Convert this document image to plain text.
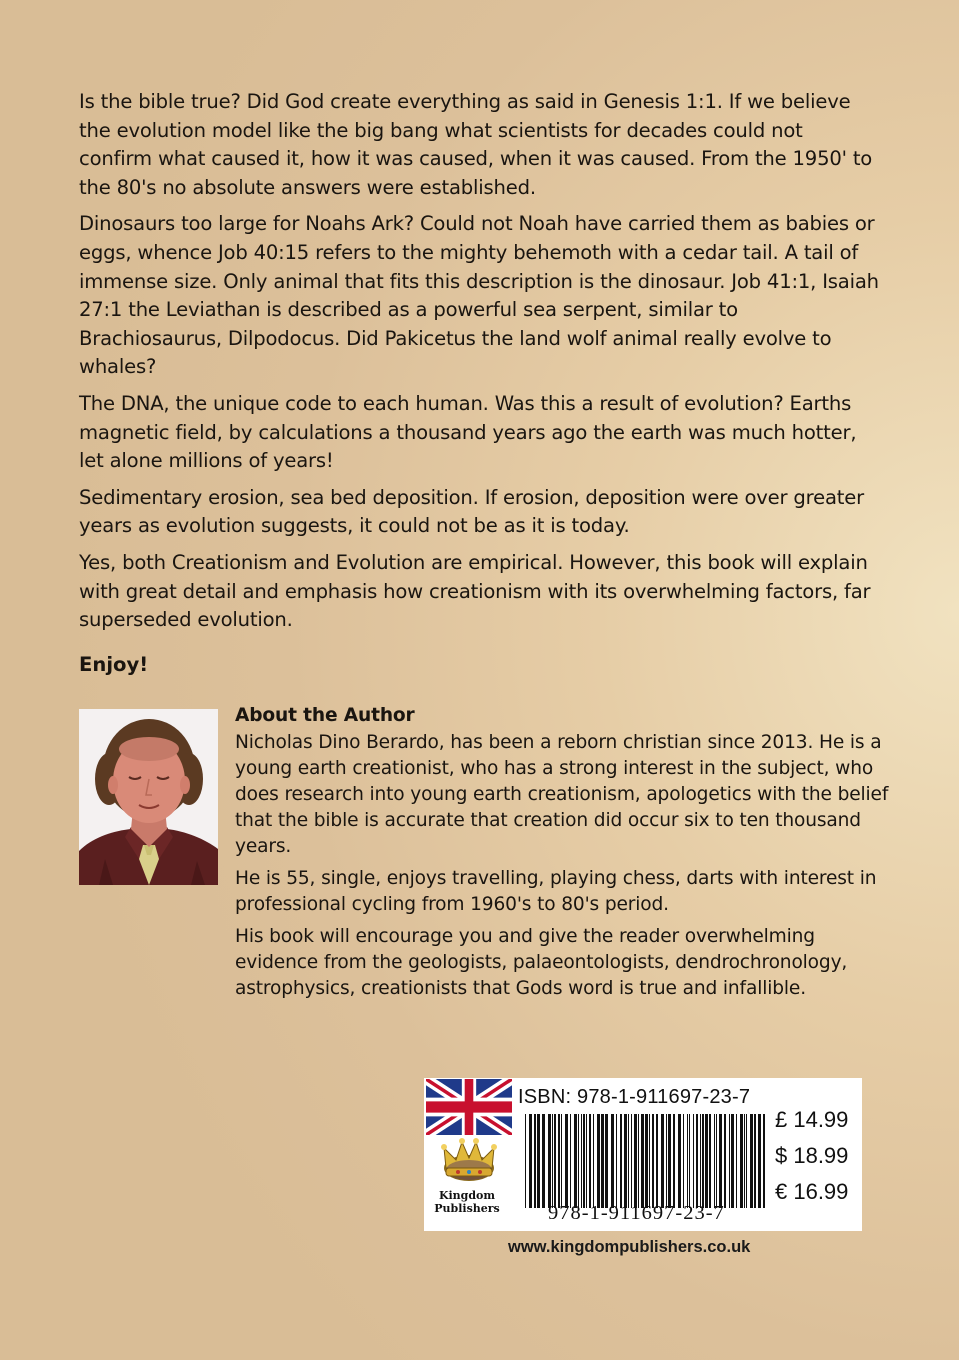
Is the bible true? Did God create everything as said in Genesis 1:1. If we believe the evolution model like the big bang what scientists for decades could not confirm what caused it, how it was caused, when it was caused. From the 1950' to the 80's no absolute answers were established.

Dinosaurs too large for Noahs Ark? Could not Noah have carried them as babies or eggs, whence Job 40:15 refers to the mighty behemoth with a cedar tail. A tail of immense size. Only animal that fits this description is the dinosaur. Job 41:1, Isaiah 27:1 the Leviathan is described as a powerful sea serpent, similar to Brachiosaurus, Dilpodocus. Did Pakicetus the land wolf animal really evolve to whales?

The DNA, the unique code to each human. Was this a result of evolution? Earths magnetic field, by calculations a thousand years ago the earth was much hotter, let alone millions of years!

Sedimentary erosion, sea bed deposition. If erosion, deposition were over greater years as evolution suggests, it could not be as it is today.

Yes, both Creationism and Evolution are empirical. However, this book will explain with great detail and emphasis how creationism with its overwhelming factors, far superseded evolution.

Enjoy!
About the Author

Nicholas Dino Berardo, has been a reborn christian since 2013. He is a young earth creationist, who has a strong interest in the subject, who does research into young earth creationism, apologetics with the belief that the bible is accurate that creation did occur six to ten thousand years.

He is 55, single, enjoys travelling, playing chess, darts with interest in professional cycling from 1960's to 80's period.

His book will encourage you and give the reader overwhelming evidence from the geologists, palaeontologists, dendrochronology, astrophysics, creationists that Gods word is true and infallible.

Kingdom Publishers
ISBN: 978-1-911697-23-7
978-1-911697-23-7
£ 14.99
$ 18.99
€ 16.99
www.kingdompublishers.co.uk
